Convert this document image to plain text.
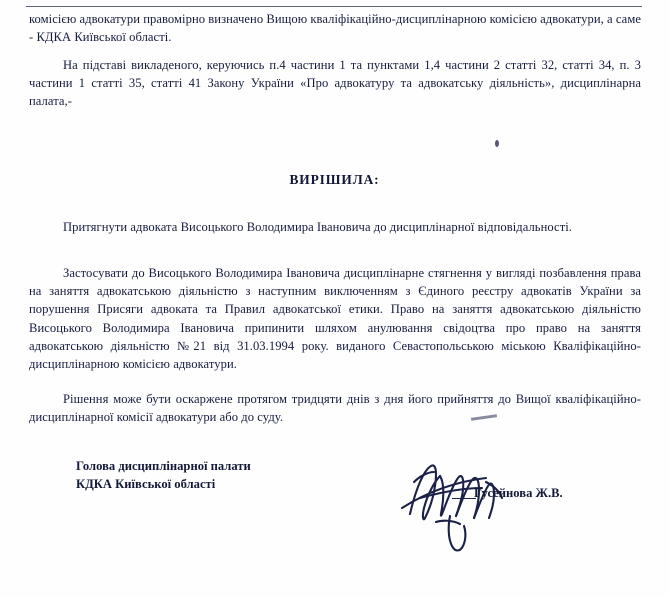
комісією адвокатури правомірно визначено Вищою кваліфікаційно-дисциплінарною комісією адвокатури, а саме - КДКА Київської області.
На підставі викладеного, керуючись п.4 частини 1 та пунктами 1,4 частини 2 статті 32, статті 34, п. 3 частини 1 статті 35, статті 41 Закону України «Про адвокатуру та адвокатську діяльність», дисциплінарна палата,-
ВИРІШИЛА:
Притягнути адвоката Висоцького Володимира Івановича до дисциплінарної відповідальності.
Застосувати до Висоцького Володимира Івановича дисциплінарне стягнення у вигляді позбавлення права на заняття адвокатською діяльністю з наступним виключенням з Єдиного реєстру адвокатів України за порушення Присяги адвоката та Правил адвокатської етики. Право на заняття адвокатською діяльністю Висоцького Володимира Івановича припинити шляхом анулювання свідоцтва про право на заняття адвокатською діяльністю №21 від 31.03.1994 року. виданого Севастопольською міською Кваліфікаційно-дисциплінарною комісією адвокатури.
Рішення може бути оскаржене протягом тридцяти днів з дня його прийняття до Вищої кваліфікаційно-дисциплінарної комісії адвокатури або до суду.
Голова дисциплінарної палати
КДКА Київської області
Гусейнова Ж.В.
